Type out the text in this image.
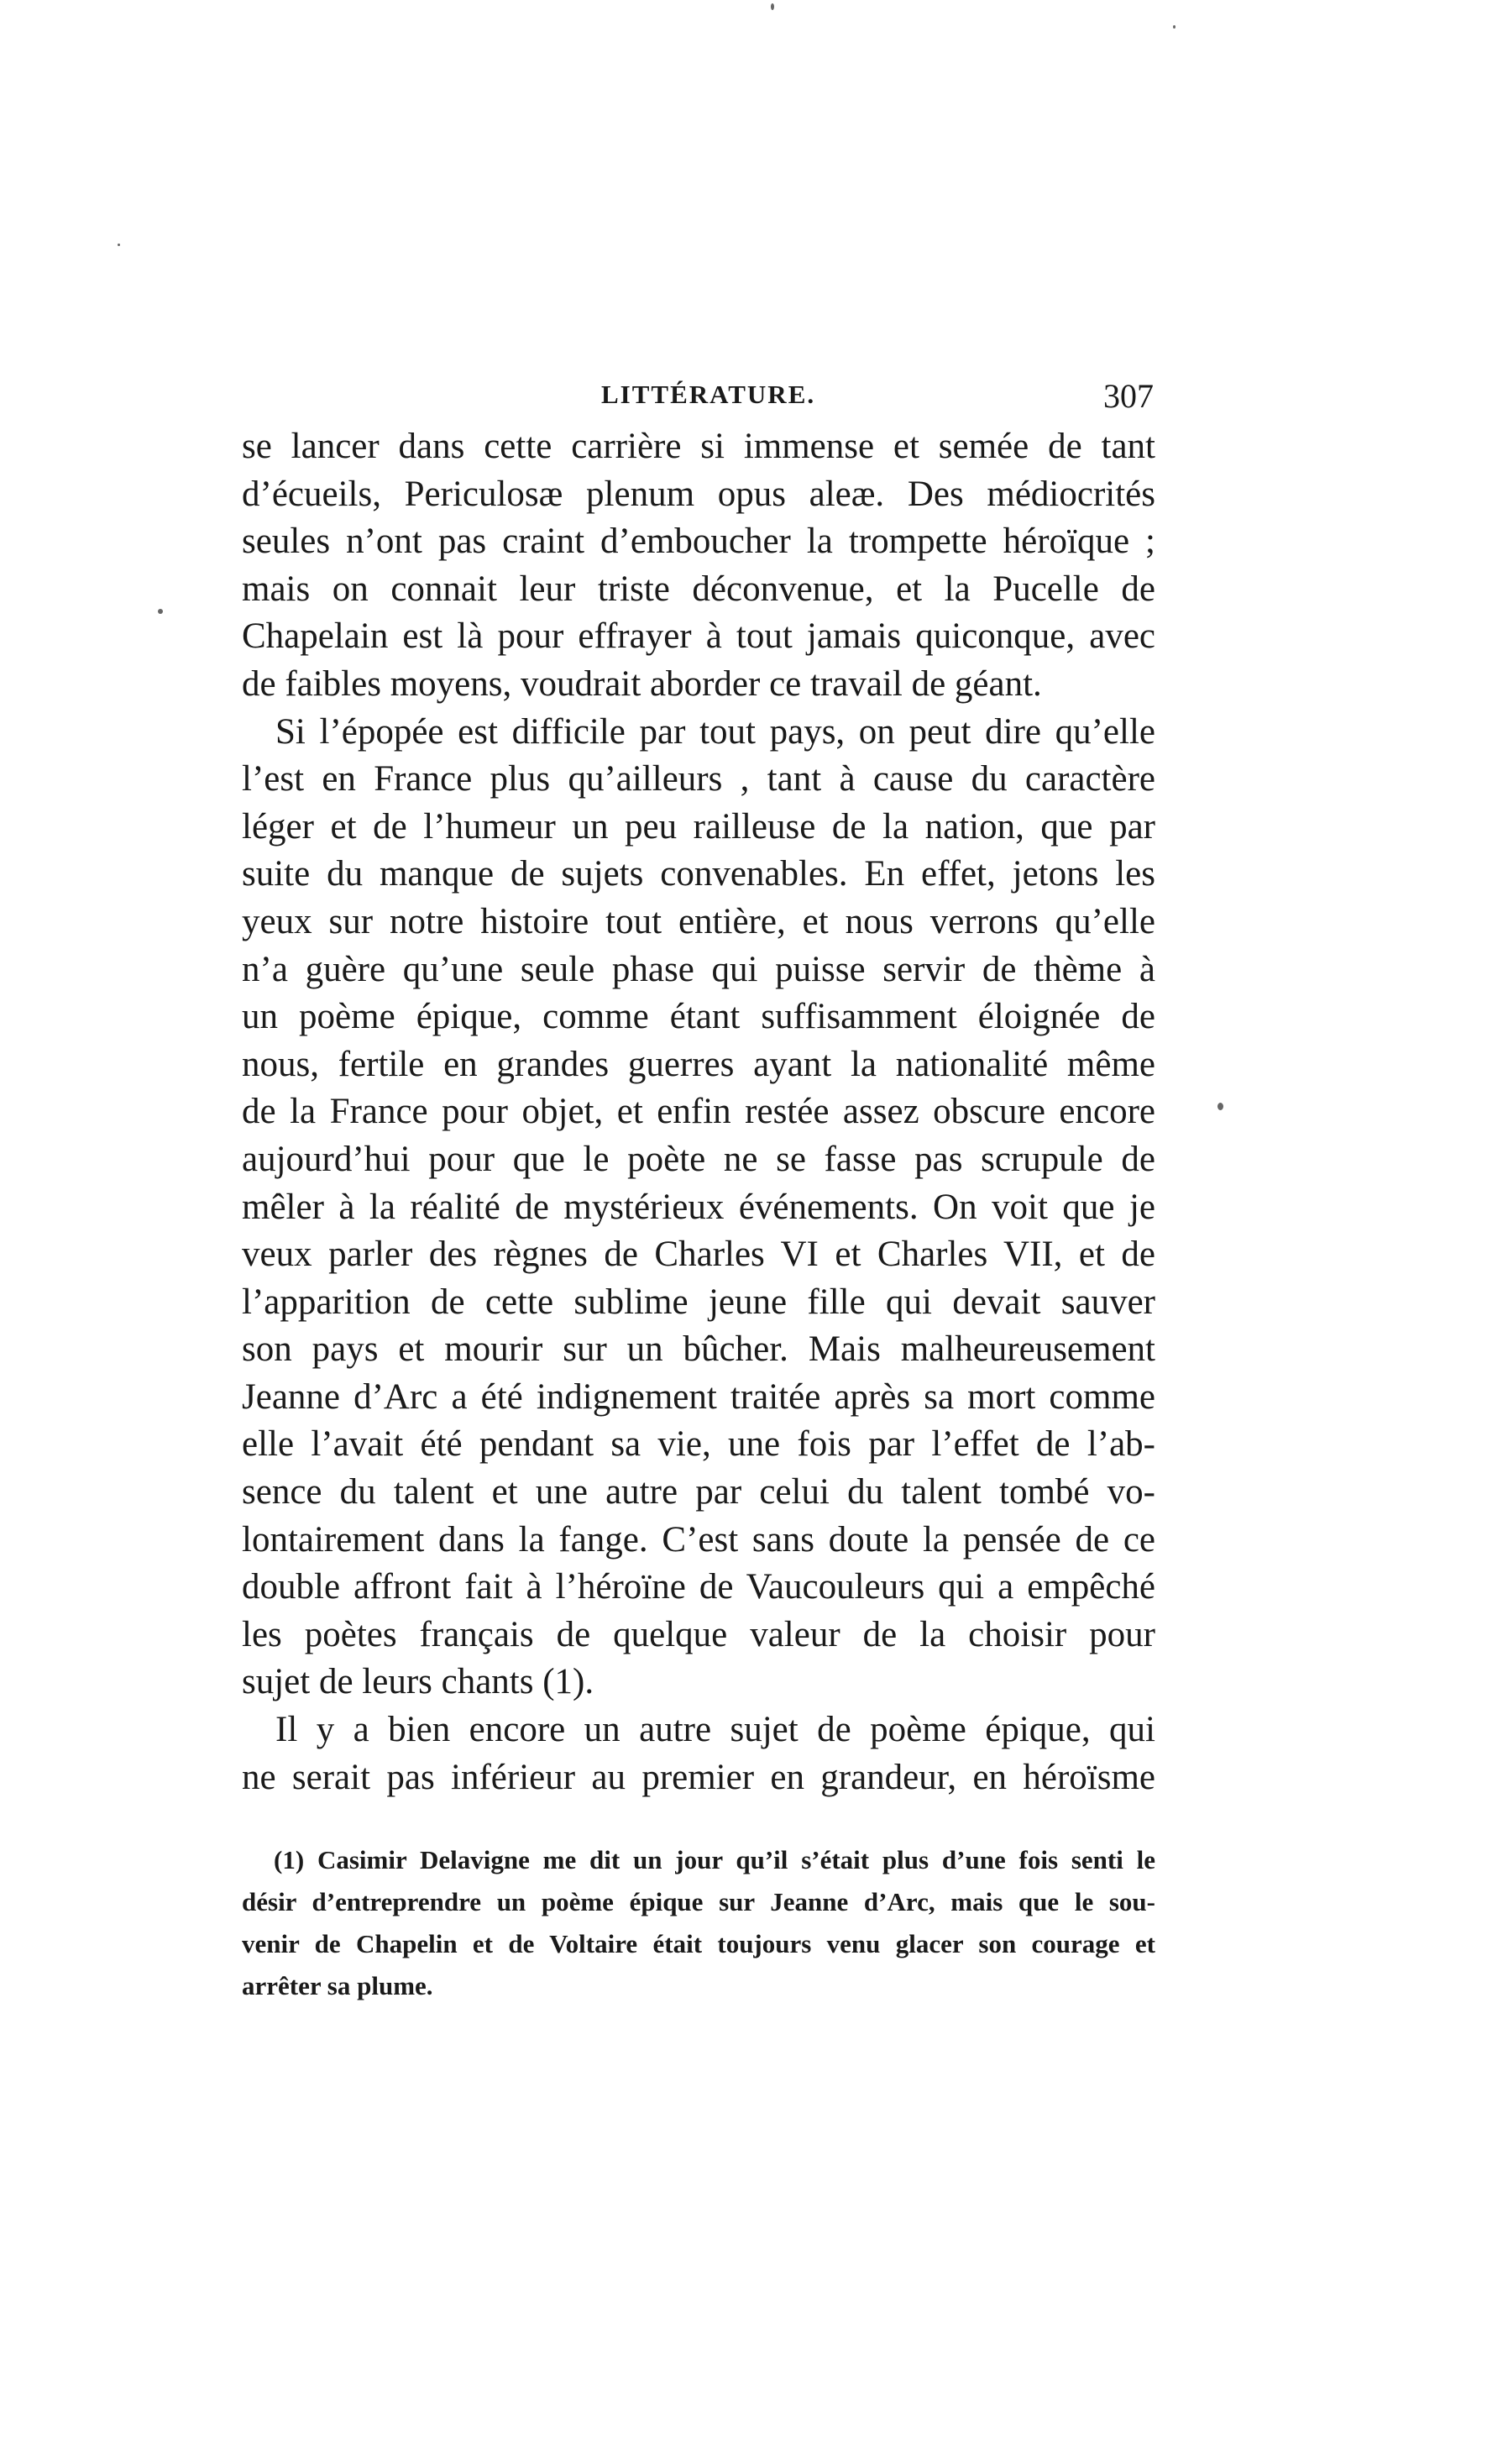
LITTÉRATURE.	307
se lancer dans cette carrière si immense et semée de tant
d’écueils, Periculosæ plenum opus aleæ. Des médiocrités
seules n’ont pas craint d’emboucher la trompette héroïque ;
mais on connait leur triste déconvenue, et la Pucelle de
Chapelain est là pour effrayer à tout jamais quiconque, avec
de faibles moyens, voudrait aborder ce travail de géant.
Si l’épopée est difficile par tout pays, on peut dire qu’elle
l’est en France plus qu’ailleurs , tant à cause du caractère
léger et de l’humeur un peu railleuse de la nation, que par
suite du manque de sujets convenables. En effet, jetons les
yeux sur notre histoire tout entière, et nous verrons qu’elle
n’a guère qu’une seule phase qui puisse servir de thème à
un poème épique, comme étant suffisamment éloignée de
nous, fertile en grandes guerres ayant la nationalité même
de la France pour objet, et enfin restée assez obscure encore
aujourd’hui pour que le poète ne se fasse pas scrupule de
mêler à la réalité de mystérieux événements. On voit que je
veux parler des règnes de Charles VI et Charles VII, et de
l’apparition de cette sublime jeune fille qui devait sauver
son pays et mourir sur un bûcher. Mais malheureusement
Jeanne d’Arc a été indignement traitée après sa mort comme
elle l’avait été pendant sa vie, une fois par l’effet de l’ab-
sence du talent et une autre par celui du talent tombé vo-
lontairement dans la fange. C’est sans doute la pensée de ce
double affront fait à l’héroïne de Vaucouleurs qui a empêché
les poètes français de quelque valeur de la choisir pour
sujet de leurs chants (1).
Il y a bien encore un autre sujet de poème épique, qui
ne serait pas inférieur au premier en grandeur, en héroïsme
(1) Casimir Delavigne me dit un jour qu’il s’était plus d’une fois senti le
désir d’entreprendre un poème épique sur Jeanne d’Arc, mais que le sou-
venir de Chapelin et de Voltaire était toujours venu glacer son courage et
arrêter sa plume.
